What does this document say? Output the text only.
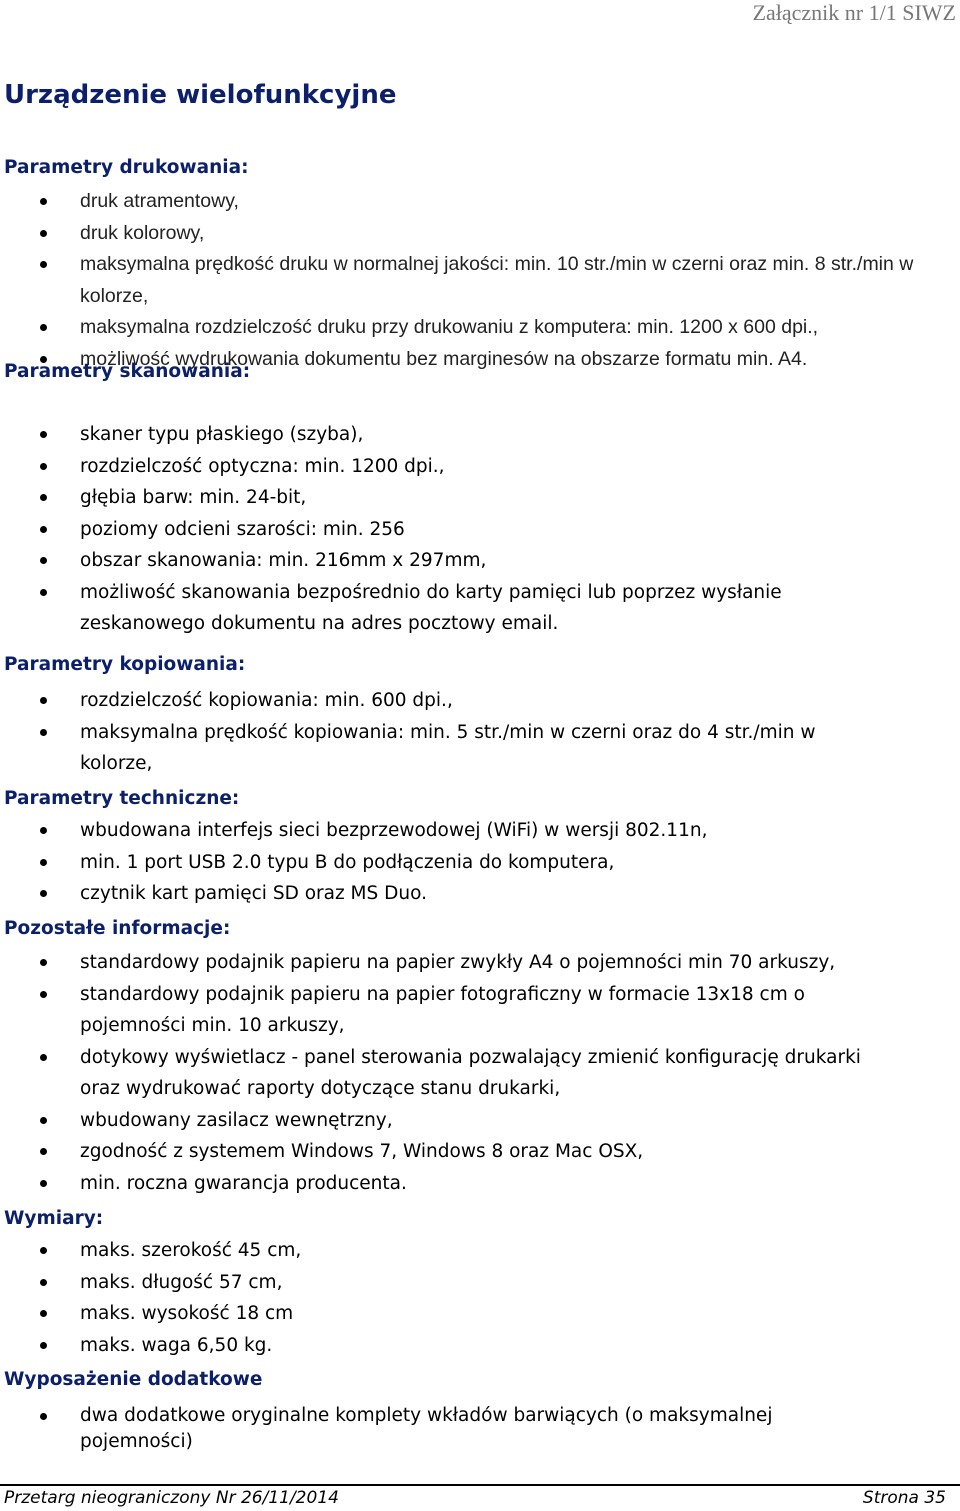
Załącznik nr 1/1 SIWZ
Urządzenie wielofunkcyjne
Parametry drukowania:
druk atramentowy,
druk kolorowy,
maksymalna prędkość druku w normalnej jakości: min. 10 str./min w czerni oraz min. 8 str./min w kolorze,
maksymalna rozdzielczość druku przy drukowaniu z komputera: min. 1200 x 600 dpi.,
możliwość wydrukowania dokumentu bez marginesów na obszarze formatu min. A4.
Parametry skanowania:
skaner typu płaskiego (szyba),
rozdzielczość optyczna: min. 1200 dpi.,
głębia barw: min. 24-bit,
poziomy odcieni szarości: min. 256
obszar skanowania: min. 216mm x 297mm,
możliwość skanowania bezpośrednio do karty pamięci lub poprzez wysłanie zeskanowego dokumentu na adres pocztowy email.
Parametry kopiowania:
rozdzielczość kopiowania: min. 600 dpi.,
maksymalna prędkość kopiowania: min. 5 str./min w czerni oraz do 4 str./min w kolorze,
Parametry techniczne:
wbudowana interfejs sieci bezprzewodowej (WiFi) w wersji 802.11n,
min. 1 port USB 2.0 typu B do podłączenia do komputera,
czytnik kart pamięci SD oraz MS Duo.
Pozostałe informacje:
standardowy podajnik papieru na papier zwykły A4 o pojemności min 70 arkuszy,
standardowy podajnik papieru na papier fotograficzny w formacie 13x18 cm o pojemności min. 10 arkuszy,
dotykowy wyświetlacz - panel sterowania pozwalający zmienić konfigurację drukarki oraz wydrukować raporty dotyczące stanu drukarki,
wbudowany zasilacz wewnętrzny,
zgodność z systemem Windows 7, Windows 8 oraz Mac OSX,
min. roczna gwarancja producenta.
Wymiary:
maks. szerokość 45 cm,
maks. długość 57 cm,
maks. wysokość 18 cm
maks. waga 6,50 kg.
Wyposażenie dodatkowe
dwa dodatkowe oryginalne komplety wkładów barwiących (o maksymalnej pojemności)
Przetarg nieograniczony Nr 26/11/2014	Strona 35
